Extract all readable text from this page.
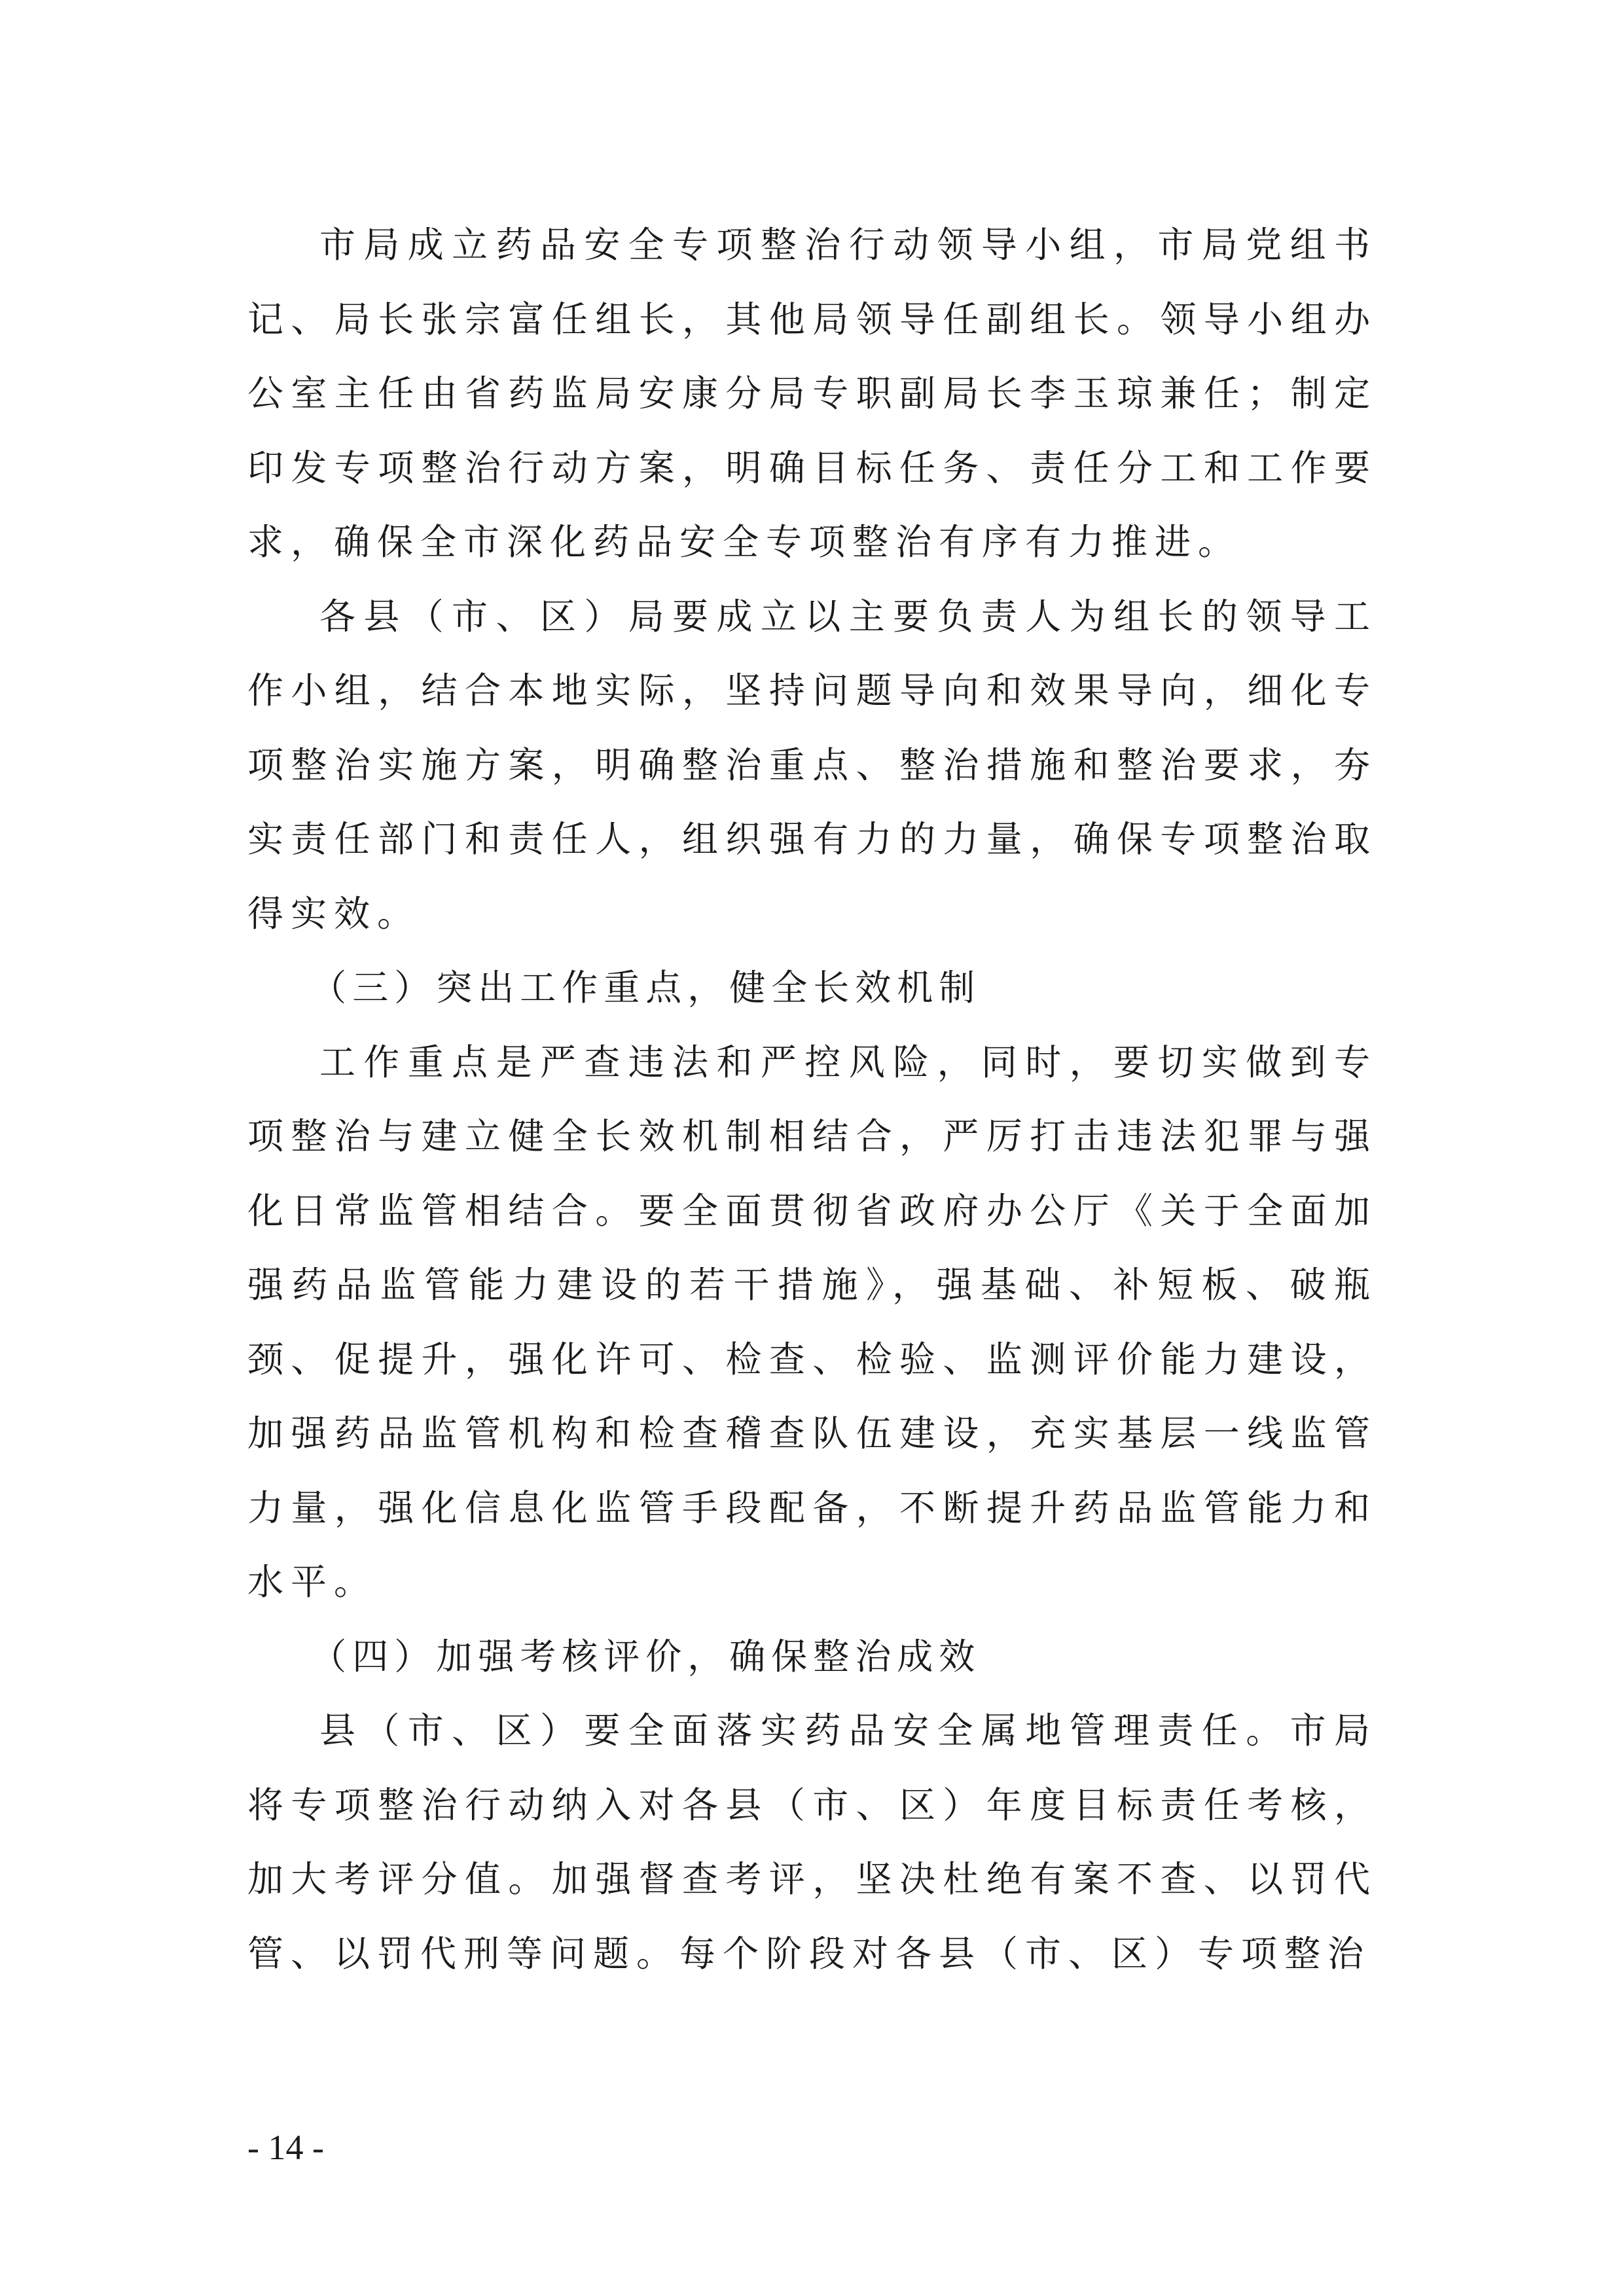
市局成立药品安全专项整治行动领导小组，市局党组书记、局长张宗富任组长，其他局领导任副组长。领导小组办公室主任由省药监局安康分局专职副局长李玉琼兼任；制定印发专项整治行动方案，明确目标任务、责任分工和工作要求，确保全市深化药品安全专项整治有序有力推进。

各县（市、区）局要成立以主要负责人为组长的领导工作小组，结合本地实际，坚持问题导向和效果导向，细化专项整治实施方案，明确整治重点、整治措施和整治要求，夯实责任部门和责任人，组织强有力的力量，确保专项整治取得实效。

（三）突出工作重点，健全长效机制

工作重点是严查违法和严控风险，同时，要切实做到专项整治与建立健全长效机制相结合，严厉打击违法犯罪与强化日常监管相结合。要全面贯彻省政府办公厅《关于全面加强药品监管能力建设的若干措施》，强基础、补短板、破瓶颈、促提升，强化许可、检查、检验、监测评价能力建设，加强药品监管机构和检查稽查队伍建设，充实基层一线监管力量，强化信息化监管手段配备，不断提升药品监管能力和水平。

（四）加强考核评价，确保整治成效

县（市、区）要全面落实药品安全属地管理责任。市局将专项整治行动纳入对各县（市、区）年度目标责任考核，加大考评分值。加强督查考评，坚决杜绝有案不查、以罚代管、以罚代刑等问题。每个阶段对各县（市、区）专项整治

- 14 -
